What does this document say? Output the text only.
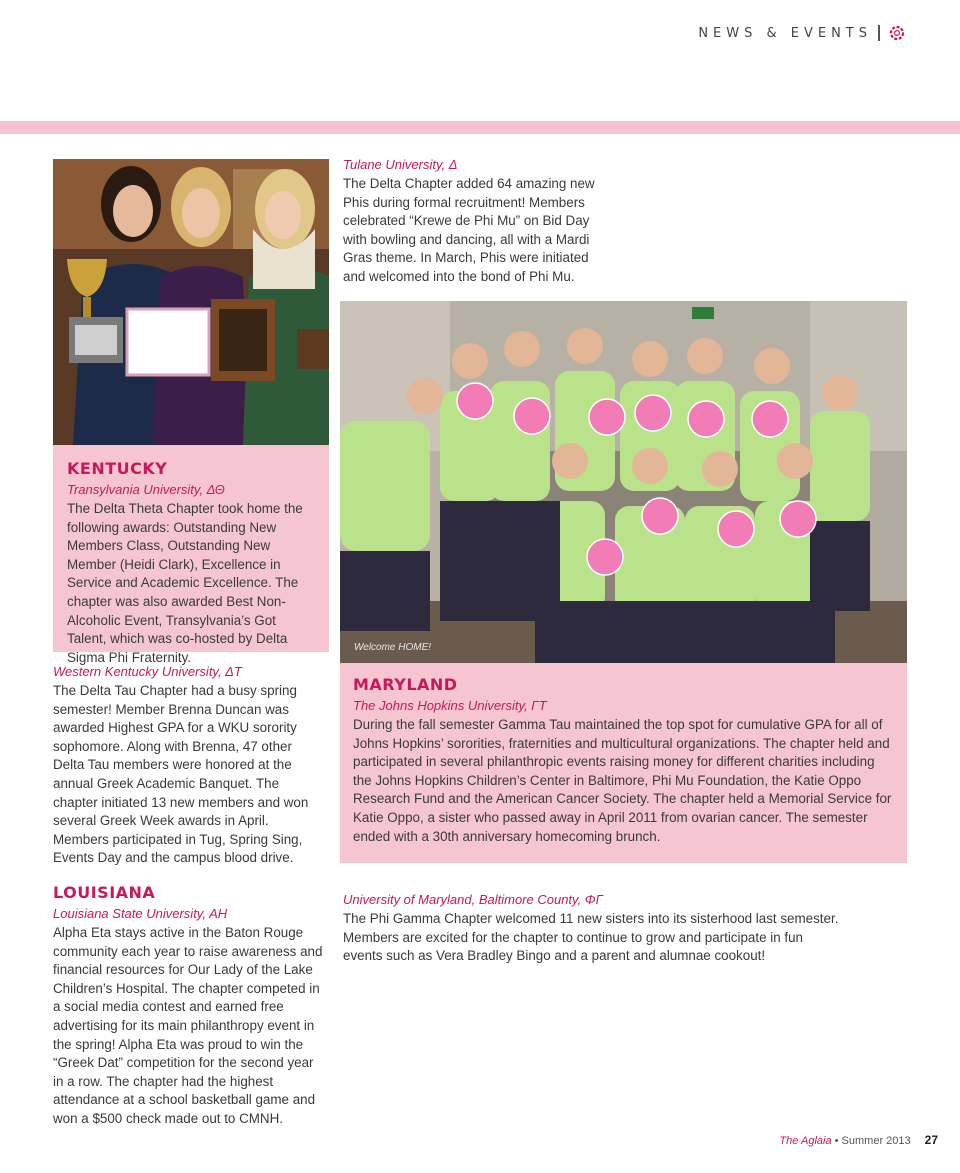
NEWS & EVENTS

KENTUCKY

Transylvania University, ΔΘ

The Delta Theta Chapter took home the following awards: Outstanding New Members Class, Outstanding New Member (Heidi Clark), Excellence in Service and Academic Excellence. The chapter was also awarded Best Non-Alcoholic Event, Transylvania’s Got Talent, which was co-hosted by Delta Sigma Phi Fraternity.

Western Kentucky University, ΔT

The Delta Tau Chapter had a busy spring semester! Member Brenna Duncan was awarded Highest GPA for a WKU sorority sophomore. Along with Brenna, 47 other Delta Tau members were honored at the annual Greek Academic Banquet. The chapter initiated 13 new members and won several Greek Week awards in April. Members participated in Tug, Spring Sing, Events Day and the campus blood drive.

LOUISIANA

Louisiana State University, AH

Alpha Eta stays active in the Baton Rouge community each year to raise awareness and financial resources for Our Lady of the Lake Children’s Hospital. The chapter competed in a social media contest and earned free advertising for its main philanthropy event in the spring! Alpha Eta was proud to win the “Greek Dat” competition for the second year in a row. The chapter had the highest attendance at a school basketball game and won a $500 check made out to CMNH.

Tulane University, Δ

The Delta Chapter added 64 amazing new Phis during formal recruitment! Members celebrated “Krewe de Phi Mu” on Bid Day with bowling and dancing, all with a Mardi Gras theme. In March, Phis were initiated and welcomed into the bond of Phi Mu.

Welcome HOME!

MARYLAND

The Johns Hopkins University, ΓT

During the fall semester Gamma Tau maintained the top spot for cumulative GPA for all of Johns Hopkins’ sororities, fraternities and multicultural organizations. The chapter held and participated in several philanthropic events raising money for different charities including the Johns Hopkins Children’s Center in Baltimore, Phi Mu Foundation, the Katie Oppo Research Fund and the American Cancer Society. The chapter held a Memorial Service for Katie Oppo, a sister who passed away in April 2011 from ovarian cancer. The semester ended with a 30th anniversary homecoming brunch.

University of Maryland, Baltimore County, ΦΓ

The Phi Gamma Chapter welcomed 11 new sisters into its sisterhood last semester. Members are excited for the chapter to continue to grow and participate in fun events such as Vera Bradley Bingo and a parent and alumnae cookout!

The Aglaia • Summer 2013 27
